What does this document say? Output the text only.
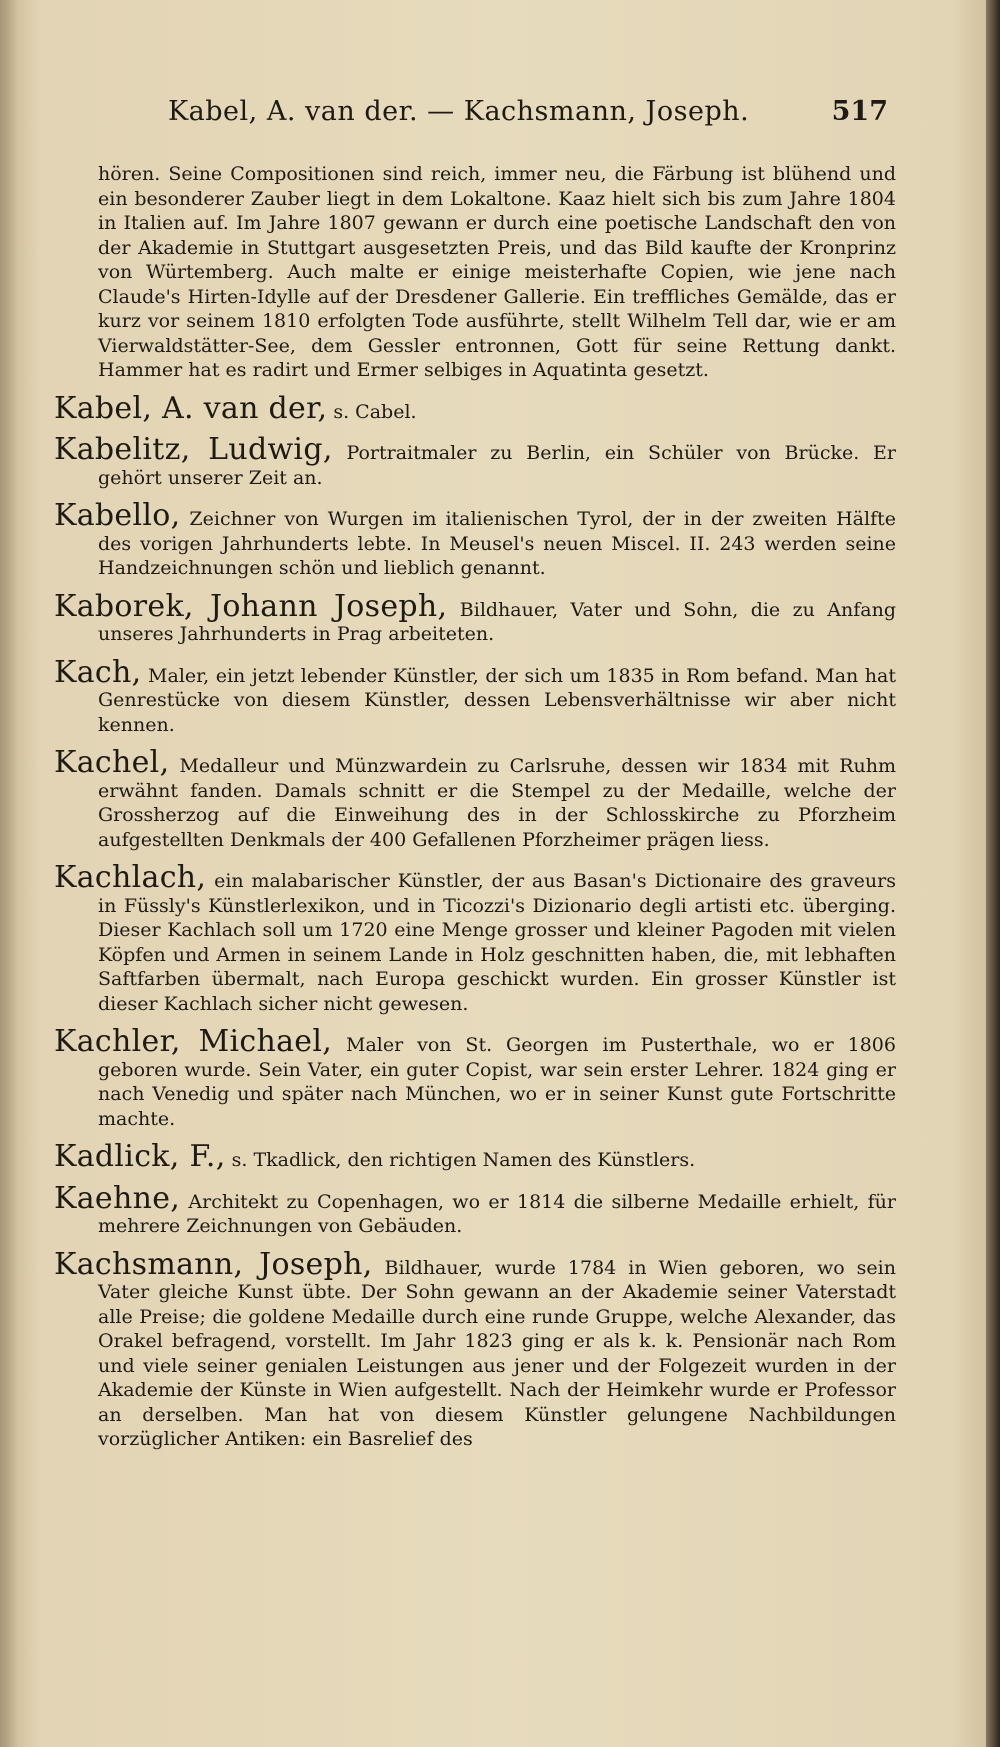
Kabel, A. van der. — Kachsmann, Joseph.	517

hören. Seine Compositionen sind reich, immer neu, die Färbung ist blühend und ein besonderer Zauber liegt in dem Lokaltone. Kaaz hielt sich bis zum Jahre 1804 in Italien auf. Im Jahre 1807 gewann er durch eine poetische Landschaft den von der Akademie in Stuttgart ausgesetzten Preis, und das Bild kaufte der Kronprinz von Würtemberg. Auch malte er einige meisterhafte Copien, wie jene nach Claude's Hirten-Idylle auf der Dresdener Gallerie. Ein treffliches Gemälde, das er kurz vor seinem 1810 erfolgten Tode ausführte, stellt Wilhelm Tell dar, wie er am Vierwaldstätter-See, dem Gessler entronnen, Gott für seine Rettung dankt. Hammer hat es radirt und Ermer selbiges in Aquatinta gesetzt.

Kabel, A. van der, s. Cabel.

Kabelitz, Ludwig, Portraitmaler zu Berlin, ein Schüler von Brücke. Er gehört unserer Zeit an.

Kabello, Zeichner von Wurgen im italienischen Tyrol, der in der zweiten Hälfte des vorigen Jahrhunderts lebte. In Meusel's neuen Miscel. II. 243 werden seine Handzeichnungen schön und lieblich genannt.

Kaborek, Johann Joseph, Bildhauer, Vater und Sohn, die zu Anfang unseres Jahrhunderts in Prag arbeiteten.

Kach, Maler, ein jetzt lebender Künstler, der sich um 1835 in Rom befand. Man hat Genrestücke von diesem Künstler, dessen Lebensverhältnisse wir aber nicht kennen.

Kachel, Medalleur und Münzwardein zu Carlsruhe, dessen wir 1834 mit Ruhm erwähnt fanden. Damals schnitt er die Stempel zu der Medaille, welche der Grossherzog auf die Einweihung des in der Schlosskirche zu Pforzheim aufgestellten Denkmals der 400 Gefallenen Pforzheimer prägen liess.

Kachlach, ein malabarischer Künstler, der aus Basan's Dictionaire des graveurs in Füssly's Künstlerlexikon, und in Ticozzi's Dizionario degli artisti etc. überging. Dieser Kachlach soll um 1720 eine Menge grosser und kleiner Pagoden mit vielen Köpfen und Armen in seinem Lande in Holz geschnitten haben, die, mit lebhaften Saftfarben übermalt, nach Europa geschickt wurden. Ein grosser Künstler ist dieser Kachlach sicher nicht gewesen.

Kachler, Michael, Maler von St. Georgen im Pusterthale, wo er 1806 geboren wurde. Sein Vater, ein guter Copist, war sein erster Lehrer. 1824 ging er nach Venedig und später nach München, wo er in seiner Kunst gute Fortschritte machte.

Kadlick, F., s. Tkadlick, den richtigen Namen des Künstlers.

Kaehne, Architekt zu Copenhagen, wo er 1814 die silberne Medaille erhielt, für mehrere Zeichnungen von Gebäuden.

Kachsmann, Joseph, Bildhauer, wurde 1784 in Wien geboren, wo sein Vater gleiche Kunst übte. Der Sohn gewann an der Akademie seiner Vaterstadt alle Preise; die goldene Medaille durch eine runde Gruppe, welche Alexander, das Orakel befragend, vorstellt. Im Jahr 1823 ging er als k. k. Pensionär nach Rom und viele seiner genialen Leistungen aus jener und der Folgezeit wurden in der Akademie der Künste in Wien aufgestellt. Nach der Heimkehr wurde er Professor an derselben. Man hat von diesem Künstler gelungene Nachbildungen vorzüglicher Antiken: ein Basrelief des
